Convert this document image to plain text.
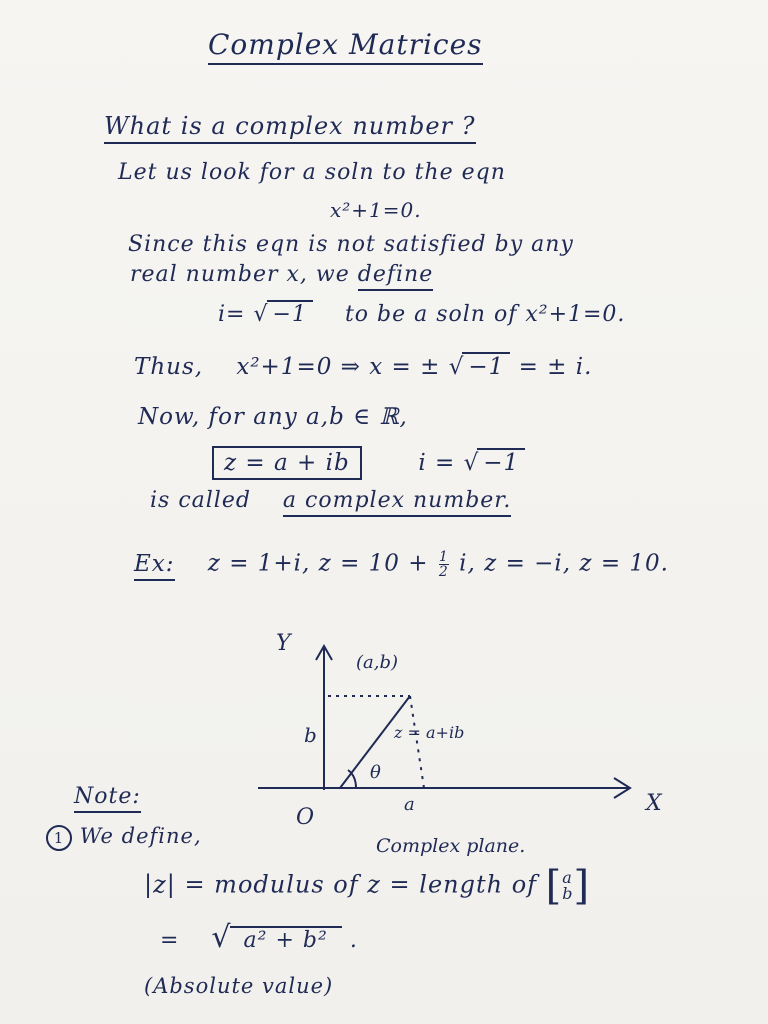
Complex Matrices
What is a complex number ?
Let us look for a soln to the eqn
x²+1=0.
Since this eqn is not satisfied by any
real number x, we define
i= √ −1 to be a soln of x²+1=0.
Thus, x²+1=0 ⇒ x = ± √ −1 = ± i.
Now, for any a,b ∈ ℝ,
z = a + ib	i = √ −1
is called a complex number.
Ex: z = 1+i, $z = 10 + \frac{1}{2} i$, z = −i, z = 10.
Y
X
O
(a,b)
b
a
z = a+ib
θ
Complex plane.
Note:
1 We define,
|z| = modulus of z = length of [ a
b ]
= √ a² + b² .
(Absolute value)
